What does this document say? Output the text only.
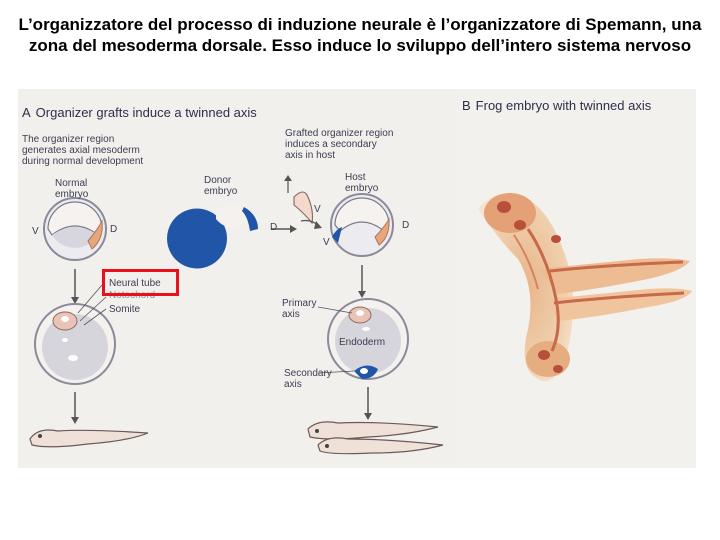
L’organizzatore del processo di induzione neurale è l’organizzatore di Spemann, una zona del mesoderma dorsale. Esso induce lo sviluppo dell’intero sistema nervoso
A Organizer grafts induce a twinned axis
The organizer region
generates axial mesoderm
during normal development
Grafted organizer region
induces a secondary
axis in host
Normal
embryo
Donor
embryo
Host
embryo
V	D
V
V
D
D
Neural tube
Notochord
Somite
Primary
axis
Endoderm
Secondary
axis
B Frog embryo with twinned axis
